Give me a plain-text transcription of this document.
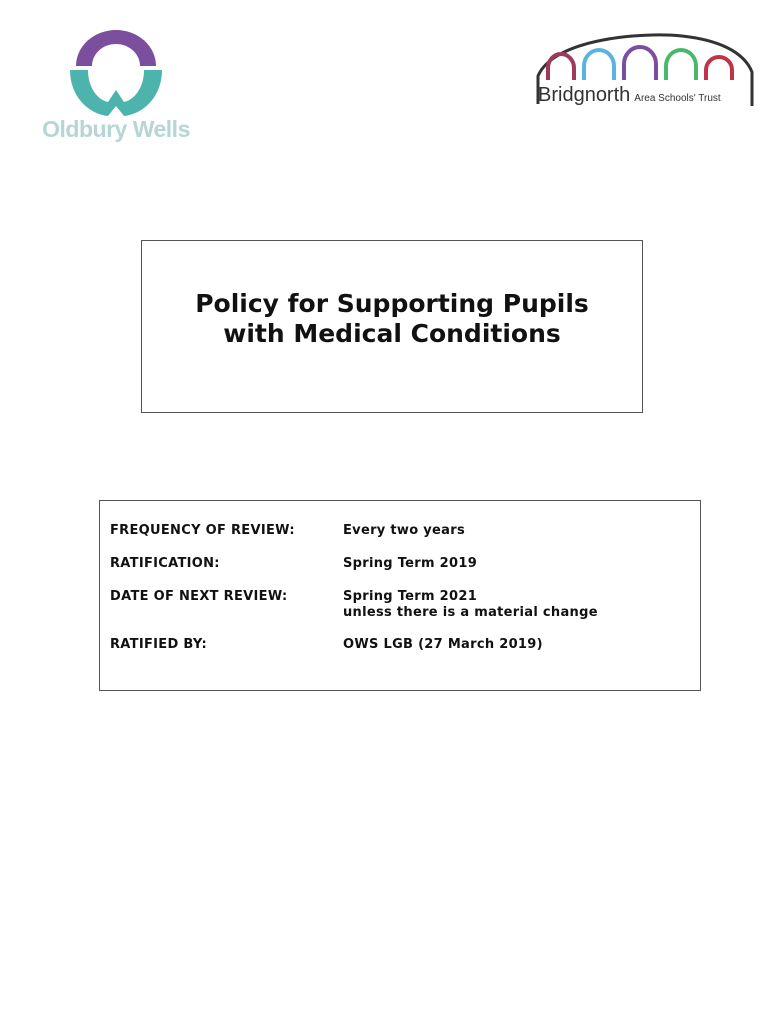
Oldbury Wells
Bridgnorth Area Schools' Trust
Policy for Supporting Pupils
with Medical Conditions
FREQUENCY OF REVIEW:	Every two years
RATIFICATION:	Spring Term 2019
DATE OF NEXT REVIEW:	Spring Term 2021
unless there is a material change
RATIFIED BY:	OWS LGB (27 March 2019)
